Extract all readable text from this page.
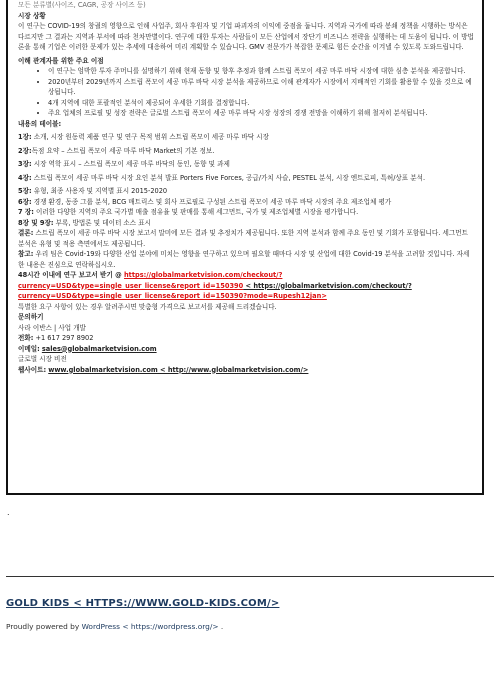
모든 분류별(사이즈, CAGR, 공장 사이즈 등)

시장 상황

이 연구는 COVID-19의 창궐의 영향으로 인해 사업주, 회사 후원자 및 기업 파괴자의 이익에 중점을 둡니다. 지역과 국가에 따라 봉쇄 정책을 시행하는 방식은 다르지만 그 결과는 지역과 부서에 따라 천차만별이다. 연구에 대한 투자는 사람들이 모든 산업에서 장단기 비즈니스 전략을 실행하는 데 도움이 됩니다. 이 방법론을 통해 기업은 이러한 문제가 있는 추세에 대응하여 미리 계획할 수 있습니다. GMV 전문가가 복잡한 문제로 힘든 순간을 이겨낼 수 있도록 도와드립니다.

이해 관계자를 위한 주요 이점

• 이 연구는 엄박한 투자 주머니를 설명하기 위해 현재 동향 및 향후 추정과 함께 스트립 폭모이 세공 마루 바닥 시장에 대한 심층 분석을 제공합니다.
• 2020년부터 2029년까지 스트립 폭모이 세공 마루 바닥 시장 분석을 제공하므로 이해 관계자가 시장에서 지배적인 기회를 활용할 수 있을 것으로 예상됩니다.
• 4개 지역에 대한 포괄적인 분석이 제공되어 우세한 기회를 결정합니다.
• 주요 업체의 프로필 및 성장 전략은 글로벌 스트립 폭모이 세공 마루 바닥 시장 성장의 경쟁 전망을 이해하기 위해 철저히 분석됩니다.

내용의 테이블:

1장: 소개, 시장 원동력 제품 연구 및 연구 목적 범위 스트립 폭모이 세공 마루 바닥 시장

2장:독점 요약 – 스트립 폭모이 세공 마루 바닥 Market의 기본 정보.

3장: 시장 역학 표시 – 스트립 폭모이 세공 마루 바닥의 동인, 동향 및 과제

4장: 스트립 폭모이 세공 마루 바닥 시장 요인 분석 발표 Porters Five Forces, 공급/가치 사슬, PESTEL 분석, 시장 엔트로피, 특허/상표 분석.

5장: 유형, 최종 사용자 및 지역별 표시 2015-2020

6장: 경쟁 환경, 동종 그룹 분석, BCG 매트릭스 및 회사 프로필로 구성된 스트립 폭모이 세공 마루 바닥 시장의 주요 제조업체 평가

7 장: 이러한 다양한 지역의 주요 국가별 매출 점유율 및 판매를 통해 세그먼트, 국가 및 제조업체별 시장을 평가합니다.

8장 및 9장: 부록, 방법론 및 데이터 소스 표시

결론: 스트립 폭모이 세공 마루 바닥 시장 보고서 말미에 모든 결과 및 추정치가 제공됩니다. 또한 지역 분석과 함께 주요 동인 및 기회가 포함됩니다. 세그먼트 분석은 유형 및 적용 측면에서도 제공됩니다.

참고: 우리 팀은 Covid-19와 다양한 산업 분야에 미치는 영향을 연구하고 있으며 필요할 때마다 시장 및 산업에 대한 Covid-19 분석을 고려할 것입니다. 자세한 내용은 진심으로 연락하십시오.

48시간 이내에 연구 보고서 받기 @ https://globalmarketvision.com/checkout/?

currency=USD&type=single_user_license&report_id=150390 < https://globalmarketvision.com/checkout/?

currency=USD&type=single_user_license&report_id=150390?mode=Rupesh12jan>

특별한 요구 사항이 있는 경우 알려주시면 맞춤형 가격으로 보고서를 제공해 드리겠습니다.

문의하기

사라 이반스 | 사업 개발

전화: +1 617 297 8902

이메일: sales@globalmarketvision.com

글로벌 시장 비전

웹사이트: www.globalmarketvision.com < http://www.globalmarketvision.com/>

.
GOLD KIDS < HTTPS://WWW.GOLD-KIDS.COM/>
Proudly powered by WordPress < https://wordpress.org/> .
